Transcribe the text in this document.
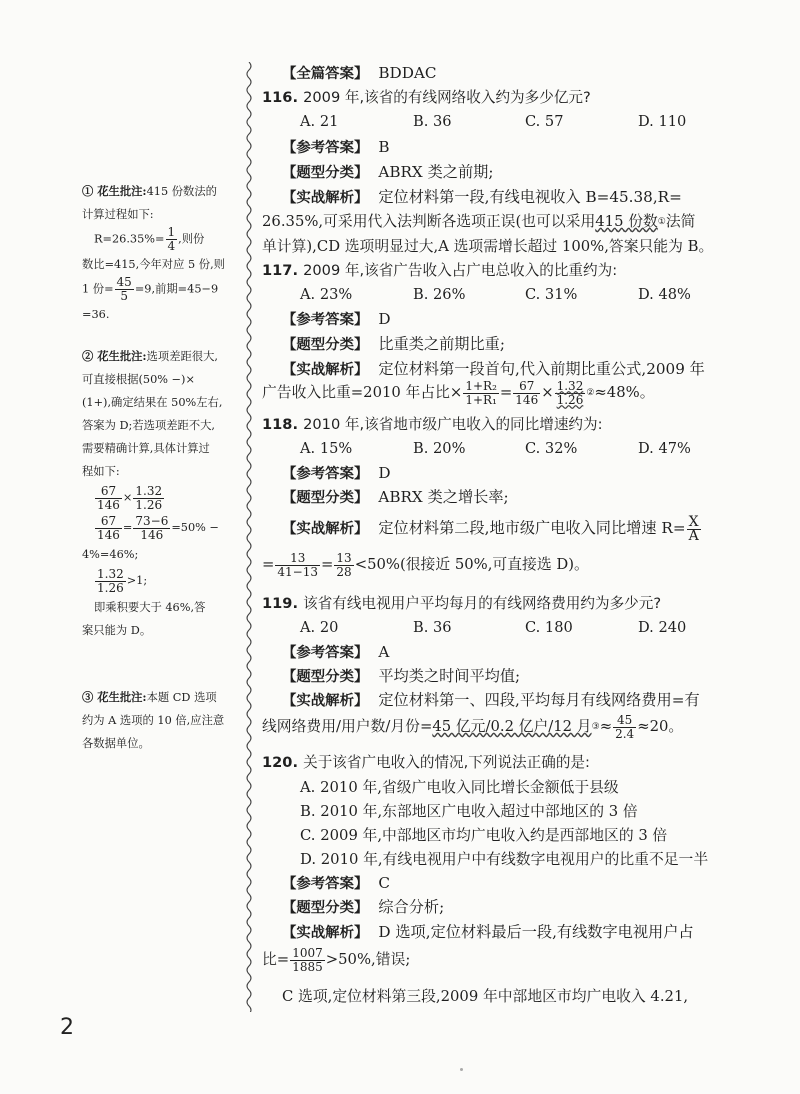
① 花生批注:415 份数法的
计算过程如下:
$R=26.35\%= \frac{1}{4}$ ,则份
数比=415,今年对应 5 份,则
1 份= $\frac{45}{5} =9$,前期=45−9
=36.
② 花生批注:选项差距很大,
可直接根据(50% −)×
(1+),确定结果在 50%左右,
答案为 D;若选项差距不大,
需要精确计算,具体计算过
程如下:
$\frac{67}{146} \times \frac{1.32}{1.26}$
$\frac{67}{146} = \frac{73-6}{146} =50\%$ −
4%=46%;
$\frac{1.32}{1.26} >1$;
即乘积要大于 46%,答
案只能为 D。
③ 花生批注:本题 CD 选项
约为 A 选项的 10 倍,应注意
各数据单位。
【全篇答案】 BDDAC
116. 2009 年,该省的有线网络收入约为多少亿元?
A. 21	B. 36	C. 57	D. 110
【参考答案】 B
【题型分类】 ABRX 类之前期;
【实战解析】 定位材料第一段,有线电视收入 B=45.38,R=
26.35%,可采用代入法判断各选项正误(也可以采用415 份数①法简
单计算),CD 选项明显过大,A 选项需增长超过 100%,答案只能为 B。
117. 2009 年,该省广告收入占广电总收入的比重约为:
A. 23%	B. 26%	C. 31%	D. 48%
【参考答案】 D
【题型分类】 比重类之前期比重;
【实战解析】 定位材料第一段首句,代入前期比重公式,2009 年
广告收入比重=2010 年占比× $\frac{\text{1+R₂}}{\text{1+R₁}} = \frac{67}{146} \times \frac{1.32}{1.26} ^②\approx 48\%$。
118. 2010 年,该省地市级广电收入的同比增速约为:
A. 15%	B. 20%	C. 32%	D. 47%
【参考答案】 D
【题型分类】 ABRX 类之增长率;
【实战解析】 定位材料第二段,地市级广电收入同比增速 $R= \frac{X}{A}$
= $\frac{13}{41-13} = \frac{13}{28} <50\%$(很接近 50%,可直接选 D)。
119. 该省有线电视用户平均每月的有线网络费用约为多少元?
A. 20	B. 36	C. 180	D. 240
【参考答案】 A
【题型分类】 平均类之时间平均值;
【实战解析】 定位材料第一、四段,平均每月有线网络费用=有
线网络费用/用户数/月份=45 亿元/0.2 亿户/12 月$^③\approx \frac{45}{2.4} \approx 20$。
120. 关于该省广电收入的情况,下列说法正确的是:
A. 2010 年,省级广电收入同比增长金额低于县级
B. 2010 年,东部地区广电收入超过中部地区的 3 倍
C. 2009 年,中部地区市均广电收入约是西部地区的 3 倍
D. 2010 年,有线电视用户中有线数字电视用户的比重不足一半
【参考答案】 C
【题型分类】 综合分析;
【实战解析】 D 选项,定位材料最后一段,有线数字电视用户占
比= $\frac{1007}{1885} >50\%$,错误;
C 选项,定位材料第三段,2009 年中部地区市均广电收入 4.21,
2
